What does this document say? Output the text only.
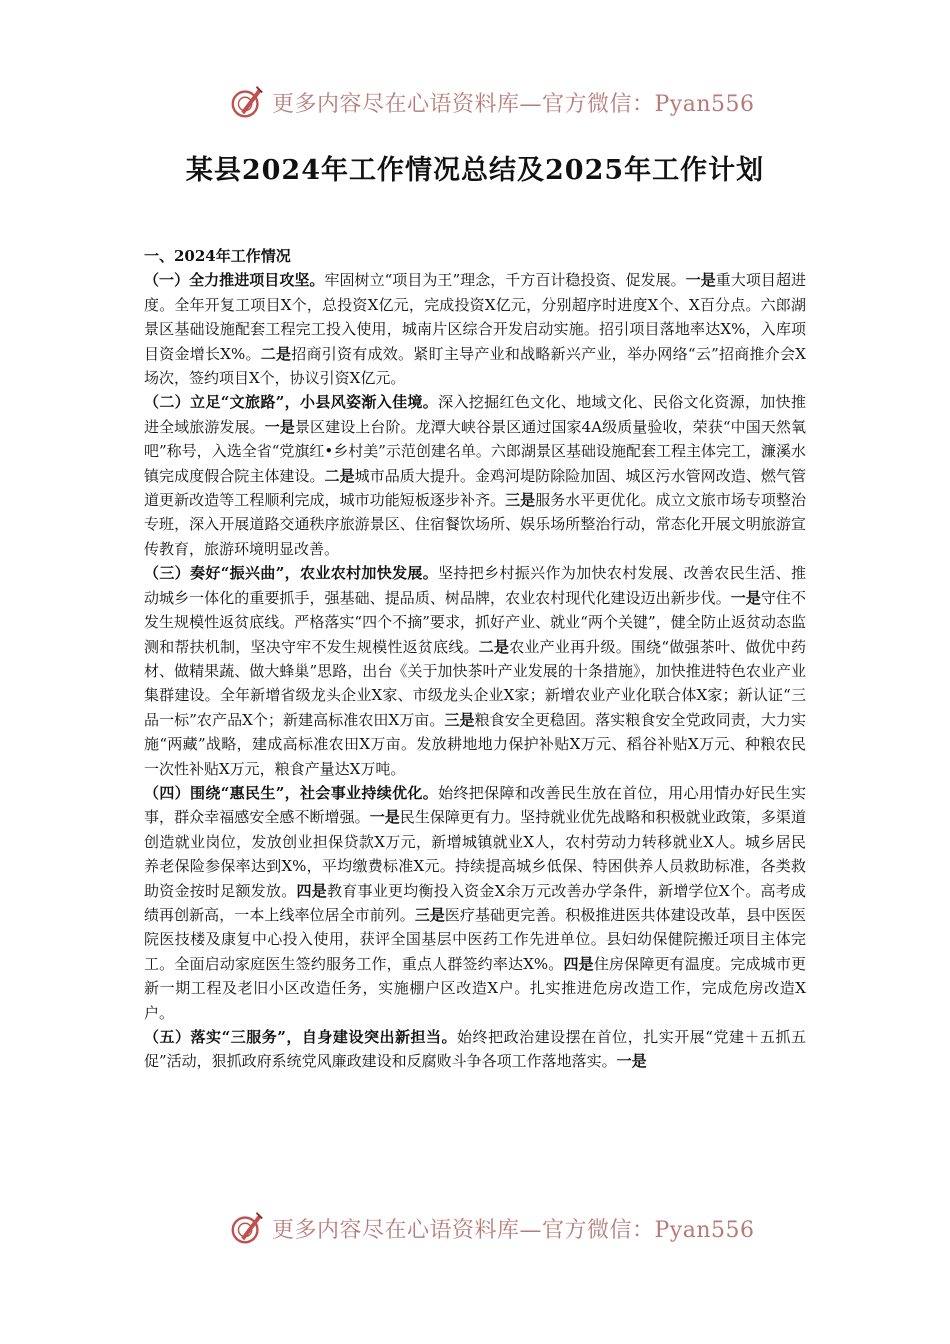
更多内容尽在心语资料库—官方微信：Pyan556
某县2024年工作情况总结及2025年工作计划

一、2024年工作情况

（一）全力推进项目攻坚。牢固树立“项目为王”理念，千方百计稳投资、促发展。一是重大项目超进度。全年开复工项目X个，总投资X亿元，完成投资X亿元，分别超序时进度X个、X百分点。六郎湖景区基础设施配套工程完工投入使用，城南片区综合开发启动实施。招引项目落地率达X%，入库项目资金增长X%。二是招商引资有成效。紧盯主导产业和战略新兴产业，举办网络“云”招商推介会X场次，签约项目X个，协议引资X亿元。

（二）立足“文旅路”，小县风姿渐入佳境。深入挖掘红色文化、地域文化、民俗文化资源，加快推进全域旅游发展。一是景区建设上台阶。龙潭大峡谷景区通过国家4A级质量验收，荣获“中国天然氧吧”称号，入选全省“党旗红•乡村美”示范创建名单。六郎湖景区基础设施配套工程主体完工，濂溪水镇完成度假合院主体建设。二是城市品质大提升。金鸡河堤防除险加固、城区污水管网改造、燃气管道更新改造等工程顺利完成，城市功能短板逐步补齐。三是服务水平更优化。成立文旅市场专项整治专班，深入开展道路交通秩序旅游景区、住宿餐饮场所、娱乐场所整治行动，常态化开展文明旅游宣传教育，旅游环境明显改善。

（三）奏好“振兴曲”，农业农村加快发展。坚持把乡村振兴作为加快农村发展、改善农民生活、推动城乡一体化的重要抓手，强基础、提品质、树品牌，农业农村现代化建设迈出新步伐。一是守住不发生规模性返贫底线。严格落实“四个不摘”要求，抓好产业、就业“两个关键”，健全防止返贫动态监测和帮扶机制，坚决守牢不发生规模性返贫底线。二是农业产业再升级。围绕“做强茶叶、做优中药材、做精果蔬、做大蜂巢”思路，出台《关于加快茶叶产业发展的十条措施》，加快推进特色农业产业集群建设。全年新增省级龙头企业X家、市级龙头企业X家；新增农业产业化联合体X家；新认证“三品一标”农产品X个；新建高标准农田X万亩。三是粮食安全更稳固。落实粮食安全党政同责，大力实施“两藏”战略，建成高标准农田X万亩。发放耕地地力保护补贴X万元、稻谷补贴X万元、种粮农民一次性补贴X万元，粮食产量达X万吨。

（四）围绕“惠民生”，社会事业持续优化。始终把保障和改善民生放在首位，用心用情办好民生实事，群众幸福感安全感不断增强。一是民生保障更有力。坚持就业优先战略和积极就业政策，多渠道创造就业岗位，发放创业担保贷款X万元，新增城镇就业X人，农村劳动力转移就业X人。城乡居民养老保险参保率达到X%，平均缴费标准X元。持续提高城乡低保、特困供养人员救助标准，各类救助资金按时足额发放。四是教育事业更均衡投入资金X余万元改善办学条件，新增学位X个。高考成绩再创新高，一本上线率位居全市前列。三是医疗基础更完善。积极推进医共体建设改革，县中医医院医技楼及康复中心投入使用，获评全国基层中医药工作先进单位。县妇幼保健院搬迁项目主体完工。全面启动家庭医生签约服务工作，重点人群签约率达X%。四是住房保障更有温度。完成城市更新一期工程及老旧小区改造任务，实施棚户区改造X户。扎实推进危房改造工作，完成危房改造X户。

（五）落实“三服务”，自身建设突出新担当。始终把政治建设摆在首位，扎实开展“党建＋五抓五促”活动，狠抓政府系统党风廉政建设和反腐败斗争各项工作落地落实。一是

更多内容尽在心语资料库—官方微信：Pyan556
